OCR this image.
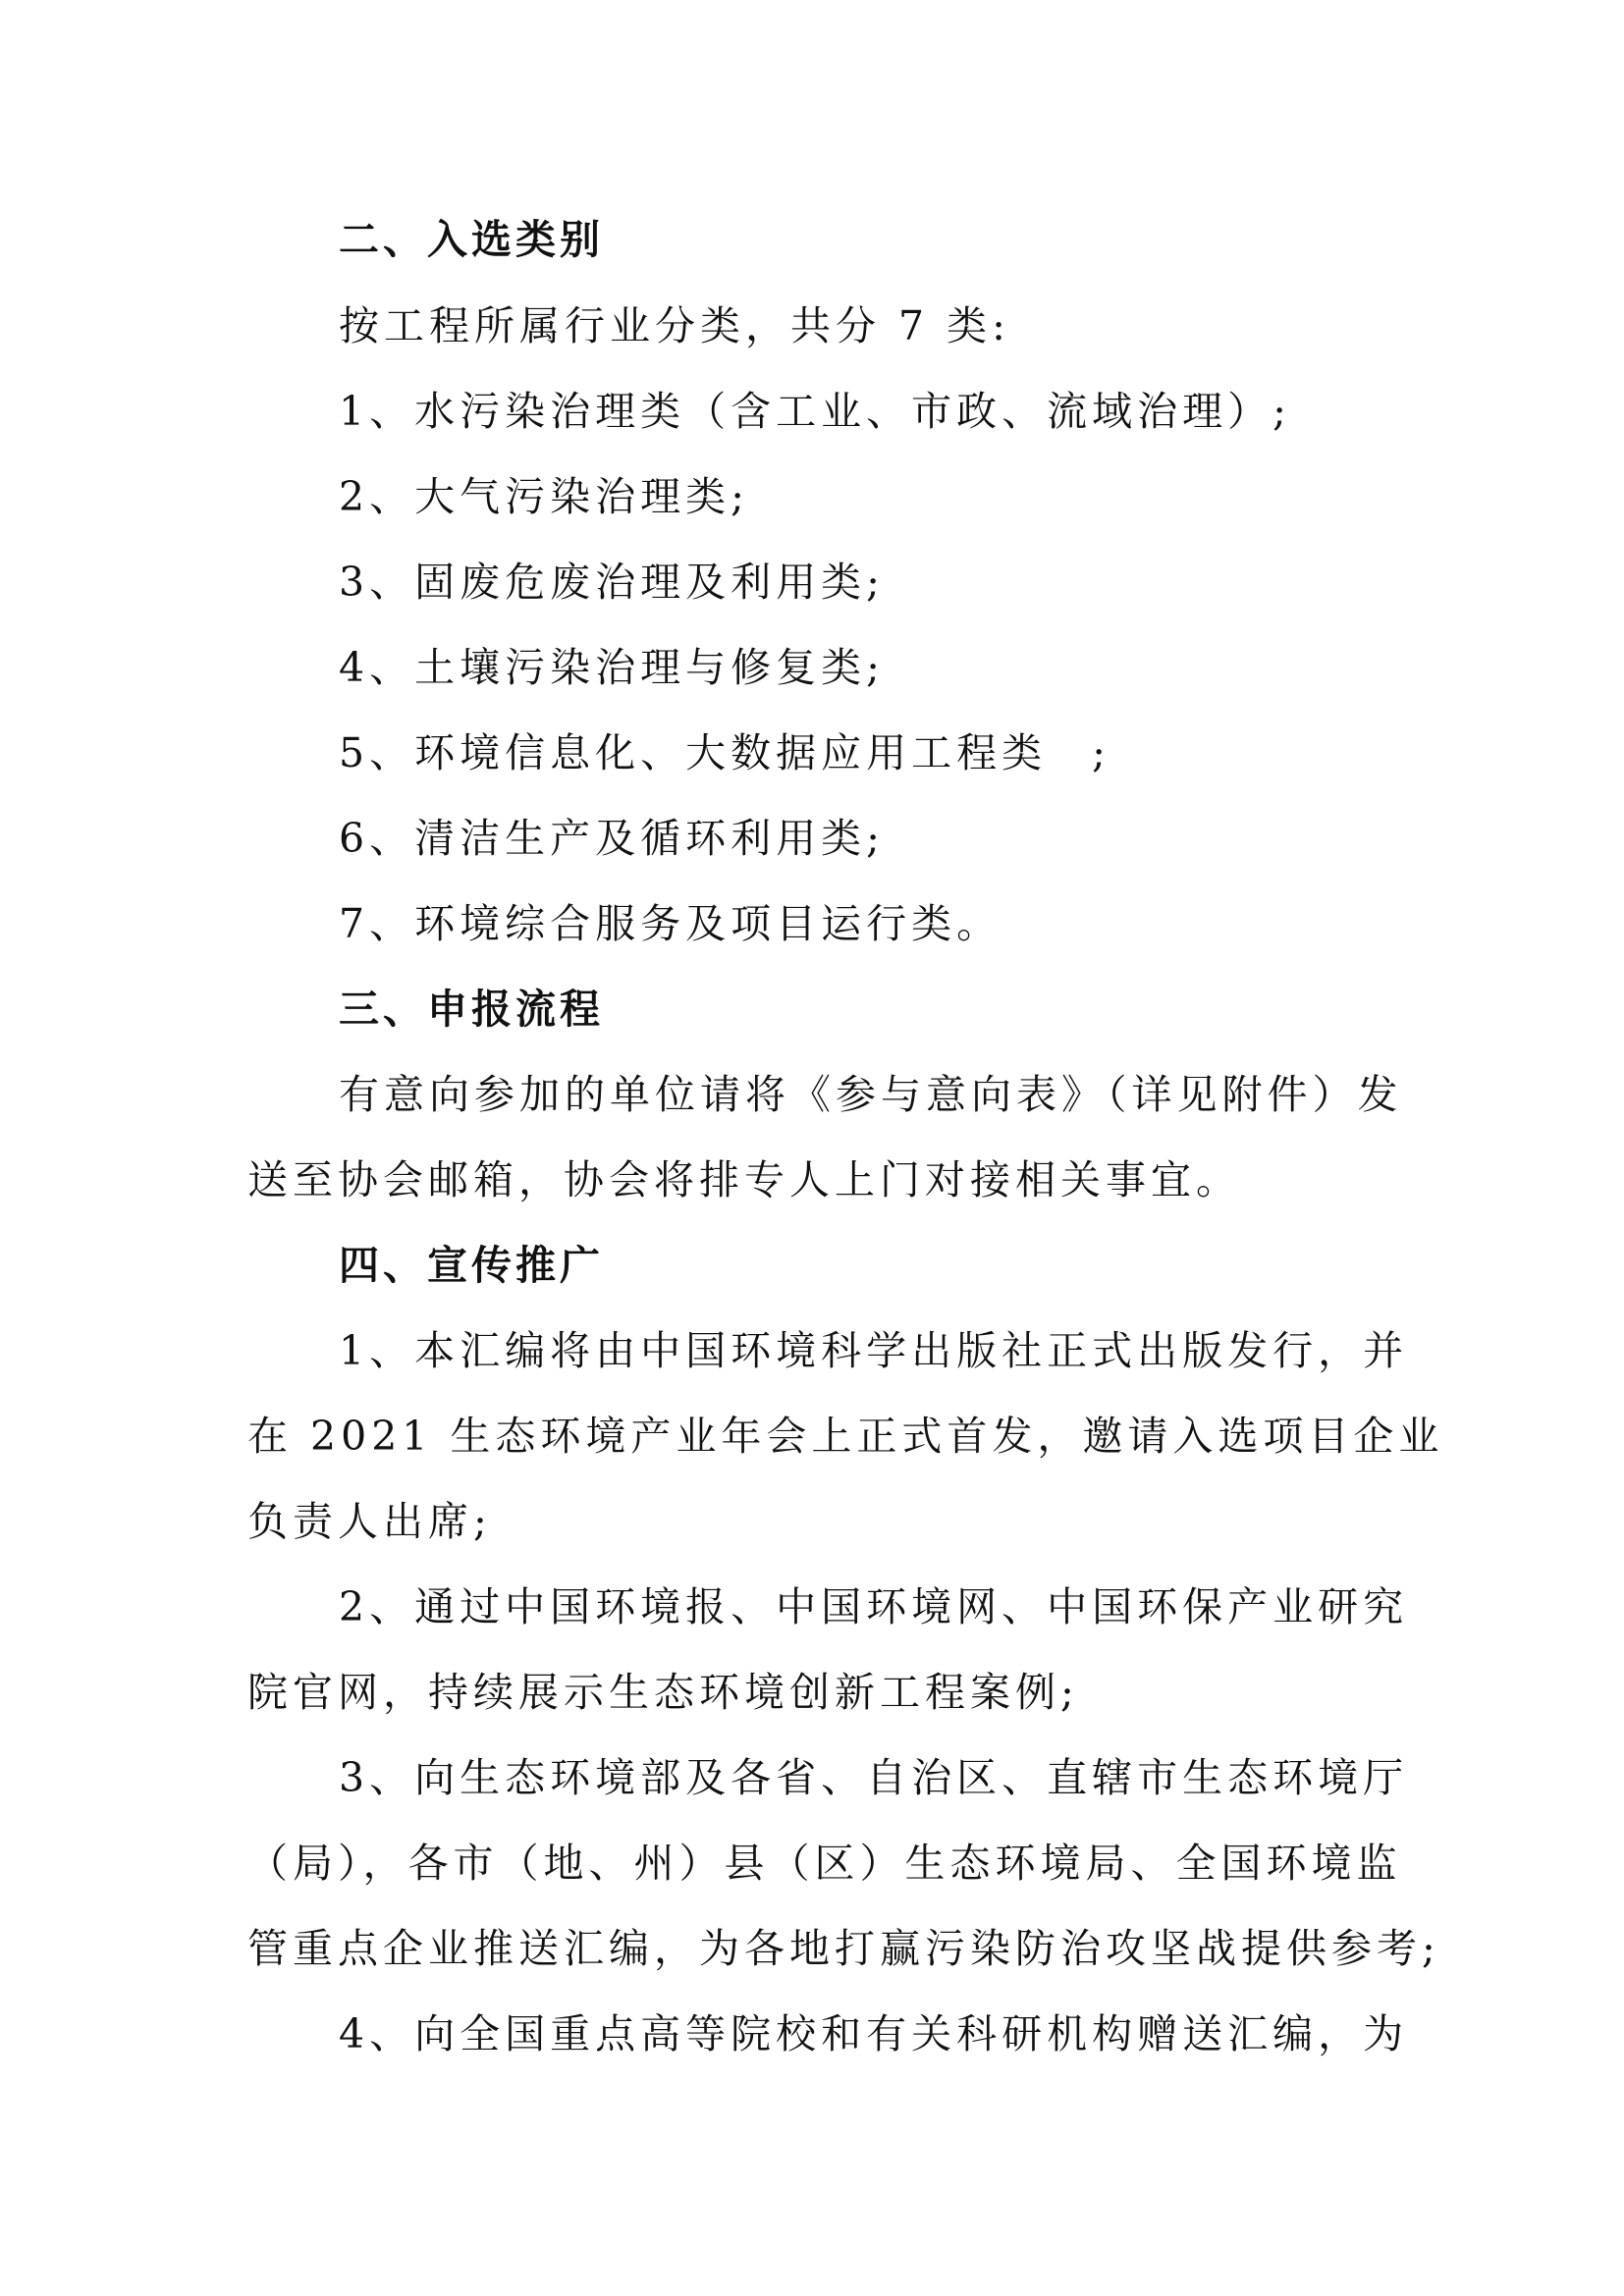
二、入选类别
按工程所属行业分类，共分 7 类:
1、水污染治理类（含工业、市政、流域治理）;
2、大气污染治理类;
3、固废危废治理及利用类;
4、土壤污染治理与修复类;
5、环境信息化、大数据应用工程类　;
6、清洁生产及循环利用类;
7、环境综合服务及项目运行类。
三、申报流程
有意向参加的单位请将《参与意向表》（详见附件）发
送至协会邮箱，协会将排专人上门对接相关事宜。
四、宣传推广
1、本汇编将由中国环境科学出版社正式出版发行，并
在 2021 生态环境产业年会上正式首发，邀请入选项目企业
负责人出席;
2、通过中国环境报、中国环境网、中国环保产业研究
院官网，持续展示生态环境创新工程案例;
3、向生态环境部及各省、自治区、直辖市生态环境厅
（局），各市（地、州）县（区）生态环境局、全国环境监
管重点企业推送汇编，为各地打赢污染防治攻坚战提供参考;
4、向全国重点高等院校和有关科研机构赠送汇编，为
